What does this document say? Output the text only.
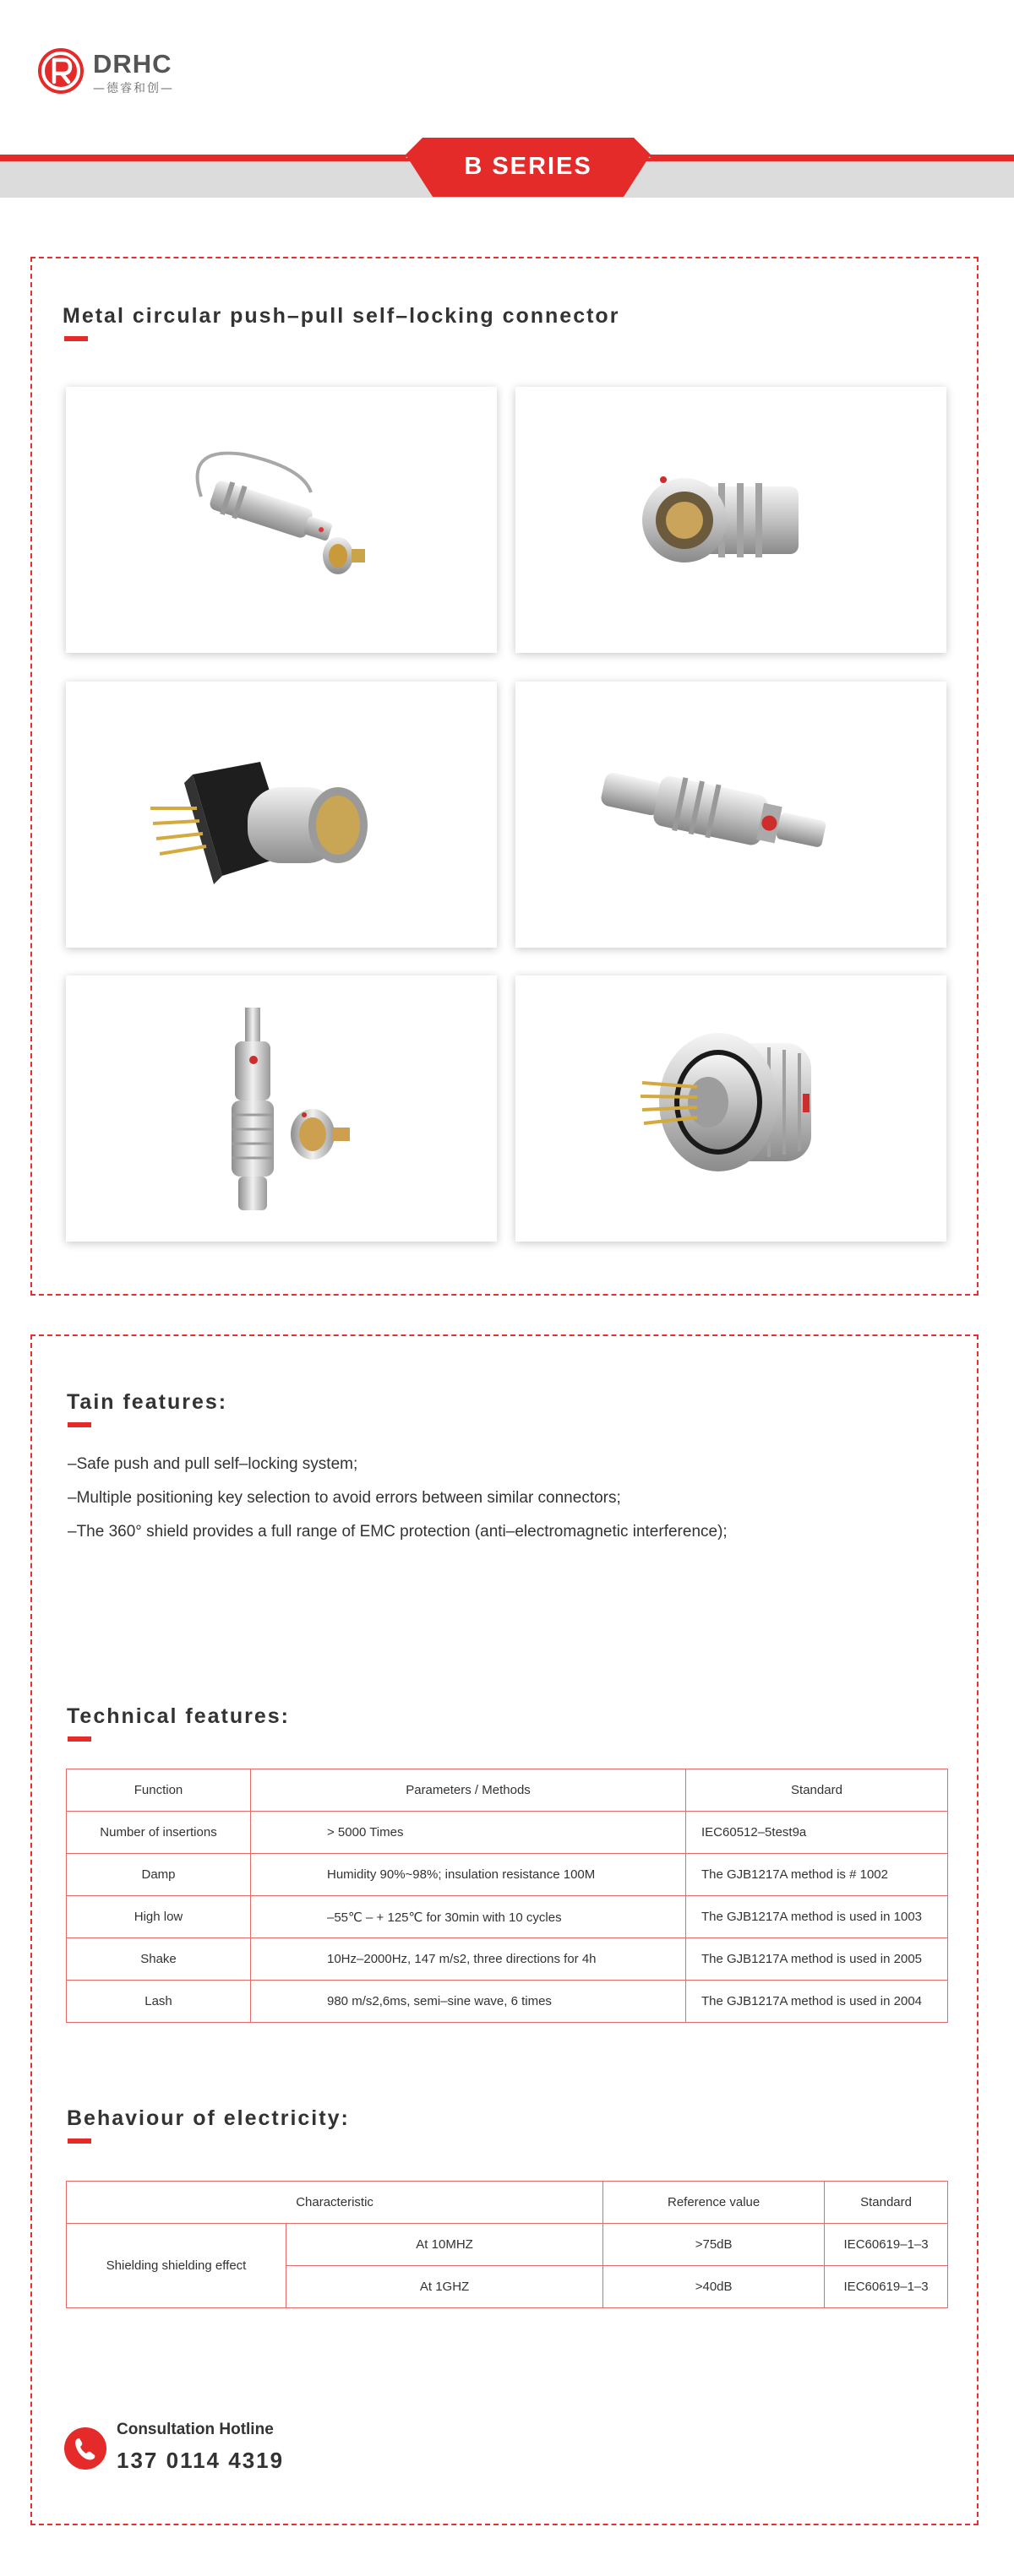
DRHC
—德睿和创—
B SERIES
Metal circular push–pull self–locking connector
Tain features:
–Safe push and pull self–locking system;
–Multiple positioning key selection to avoid errors between similar connectors;
–The 360° shield provides a full range of EMC protection (anti–electromagnetic interference);
Technical features:
Function	Parameters / Methods	Standard
Number of insertions	> 5000 Times	IEC60512–5test9a
Damp	Humidity 90%~98%; insulation resistance 100M	The GJB1217A method is # 1002
High low	–55℃ – + 125℃ for 30min with 10 cycles	The GJB1217A method is used in 1003
Shake	10Hz–2000Hz, 147 m/s2, three directions for 4h	The GJB1217A method is used in 2005
Lash	980 m/s2,6ms, semi–sine wave, 6 times	The GJB1217A method is used in 2004
Behaviour of electricity:
Characteristic		Reference value	Standard
Shielding shielding effect	At 10MHZ	>75dB	IEC60619–1–3
	At 1GHZ	>40dB	IEC60619–1–3
Consultation Hotline
137 0114 4319
